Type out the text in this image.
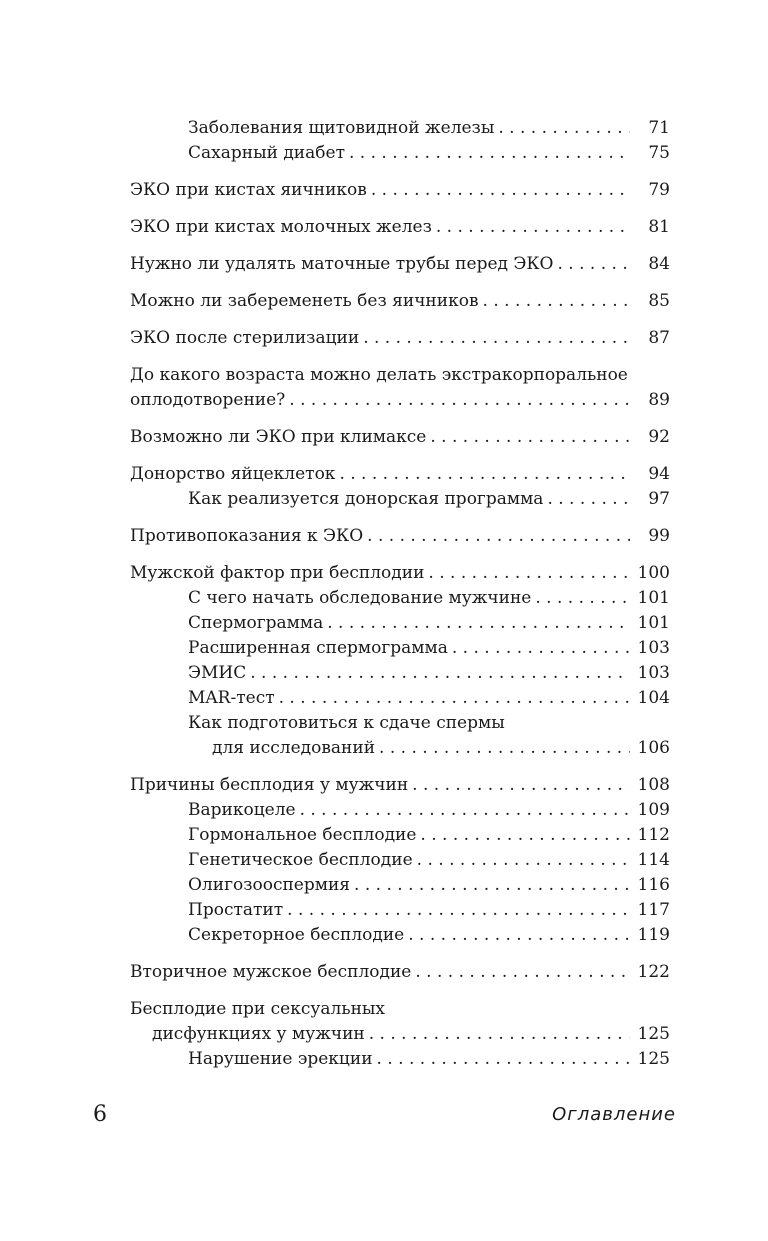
Заболевания щитовидной железы . . .	71
Сахарный диабет . . .	75
ЭКО при кистах яичников . . .	79
ЭКО при кистах молочных желез . . .	81
Нужно ли удалять маточные трубы перед ЭКО . . .	84
Можно ли забеременеть без яичников . . .	85
ЭКО после стерилизации . . .	87
До какого возраста можно делать экстракорпоральное
оплодотворение? . . .	89
Возможно ли ЭКО при климаксе . . .	92
Донорство яйцеклеток . . .	94
Как реализуется донорская программа . . .	97
Противопоказания к ЭКО . . .	99
Мужской фактор при бесплодии . . .	100
С чего начать обследование мужчине . . .	101
Спермограмма . . .	101
Расширенная спермограмма . . .	103
ЭМИС . . .	103
MAR-тест . . .	104
Как подготовиться к сдаче спермы
для исследований . . .	106
Причины бесплодия у мужчин . . .	108
Варикоцеле . . .	109
Гормональное бесплодие . . .	112
Генетическое бесплодие . . .	114
Олигозооспермия . . .	116
Простатит . . .	117
Секреторное бесплодие . . .	119
Вторичное мужское бесплодие . . .	122
Бесплодие при сексуальных
дисфункциях у мужчин . . .	125
Нарушение эрекции . . .	125
6	Оглавление
